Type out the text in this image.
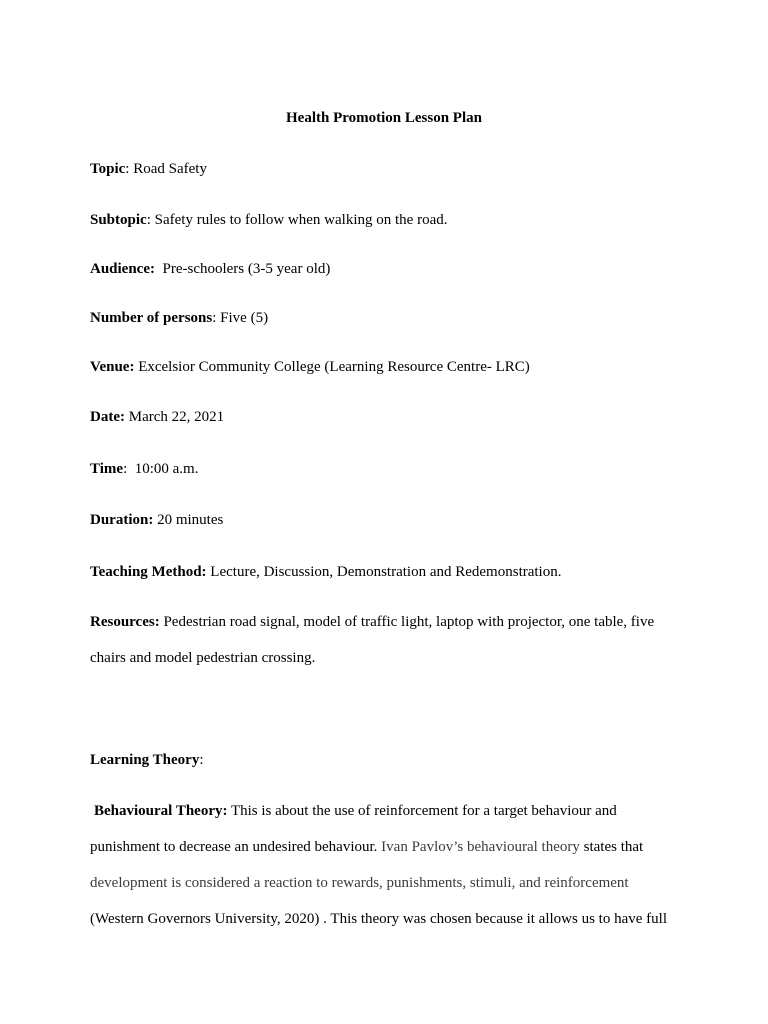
Health Promotion Lesson Plan
Topic: Road Safety
Subtopic: Safety rules to follow when walking on the road.
Audience: Pre-schoolers (3-5 year old)
Number of persons: Five (5)
Venue: Excelsior Community College (Learning Resource Centre- LRC)
Date: March 22, 2021
Time:  10:00 a.m.
Duration: 20 minutes
Teaching Method: Lecture, Discussion, Demonstration and Redemonstration.
Resources: Pedestrian road signal, model of traffic light, laptop with projector, one table, five
chairs and model pedestrian crossing.
Learning Theory:
Behavioural Theory: This is about the use of reinforcement for a target behaviour and
punishment to decrease an undesired behaviour. Ivan Pavlov’s behavioural theory states that
development is considered a reaction to rewards, punishments, stimuli, and reinforcement
(Western Governors University, 2020) . This theory was chosen because it allows us to have full
